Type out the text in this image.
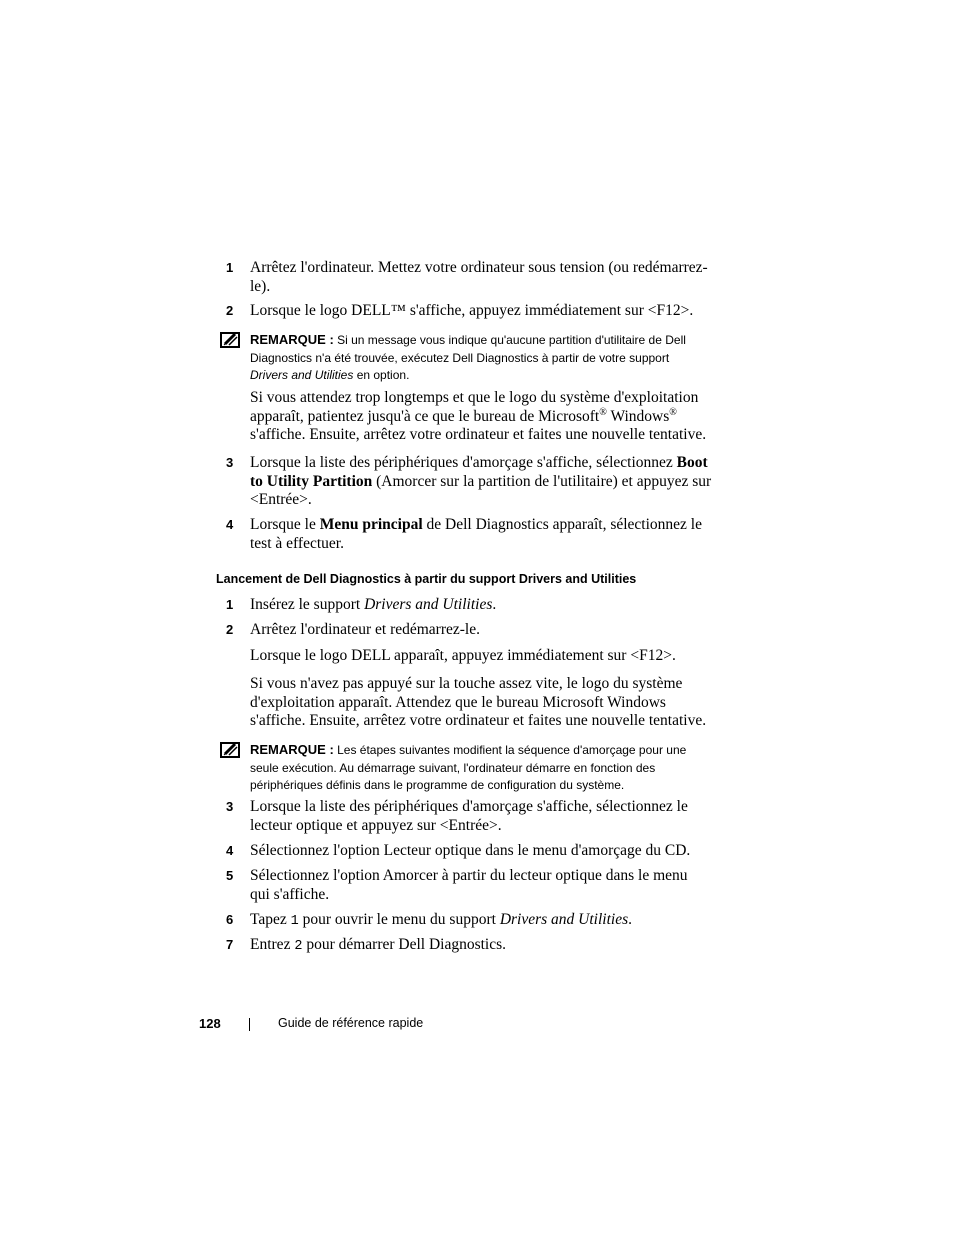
1 Arrêtez l'ordinateur. Mettez votre ordinateur sous tension (ou redémarrez-
le).
2 Lorsque le logo DELL™ s'affiche, appuyez immédiatement sur <F12>.
REMARQUE : Si un message vous indique qu'aucune partition d'utilitaire de Dell
Diagnostics n'a été trouvée, exécutez Dell Diagnostics à partir de votre support
Drivers and Utilities en option.
Si vous attendez trop longtemps et que le logo du système d'exploitation
apparaît, patientez jusqu'à ce que le bureau de Microsoft® Windows®
s'affiche. Ensuite, arrêtez votre ordinateur et faites une nouvelle tentative.
3 Lorsque la liste des périphériques d'amorçage s'affiche, sélectionnez Boot
to Utility Partition (Amorcer sur la partition de l'utilitaire) et appuyez sur
<Entrée>.
4 Lorsque le Menu principal de Dell Diagnostics apparaît, sélectionnez le
test à effectuer.
Lancement de Dell Diagnostics à partir du support Drivers and Utilities
1 Insérez le support Drivers and Utilities.
2 Arrêtez l'ordinateur et redémarrez-le.
Lorsque le logo DELL apparaît, appuyez immédiatement sur <F12>.
Si vous n'avez pas appuyé sur la touche assez vite, le logo du système
d'exploitation apparaît. Attendez que le bureau Microsoft Windows
s'affiche. Ensuite, arrêtez votre ordinateur et faites une nouvelle tentative.
REMARQUE : Les étapes suivantes modifient la séquence d'amorçage pour une
seule exécution. Au démarrage suivant, l'ordinateur démarre en fonction des
périphériques définis dans le programme de configuration du système.
3 Lorsque la liste des périphériques d'amorçage s'affiche, sélectionnez le
lecteur optique et appuyez sur <Entrée>.
4 Sélectionnez l'option Lecteur optique dans le menu d'amorçage du CD.
5 Sélectionnez l'option Amorcer à partir du lecteur optique dans le menu
qui s'affiche.
6 Tapez 1 pour ouvrir le menu du support Drivers and Utilities.
7 Entrez 2 pour démarrer Dell Diagnostics.
128	Guide de référence rapide
